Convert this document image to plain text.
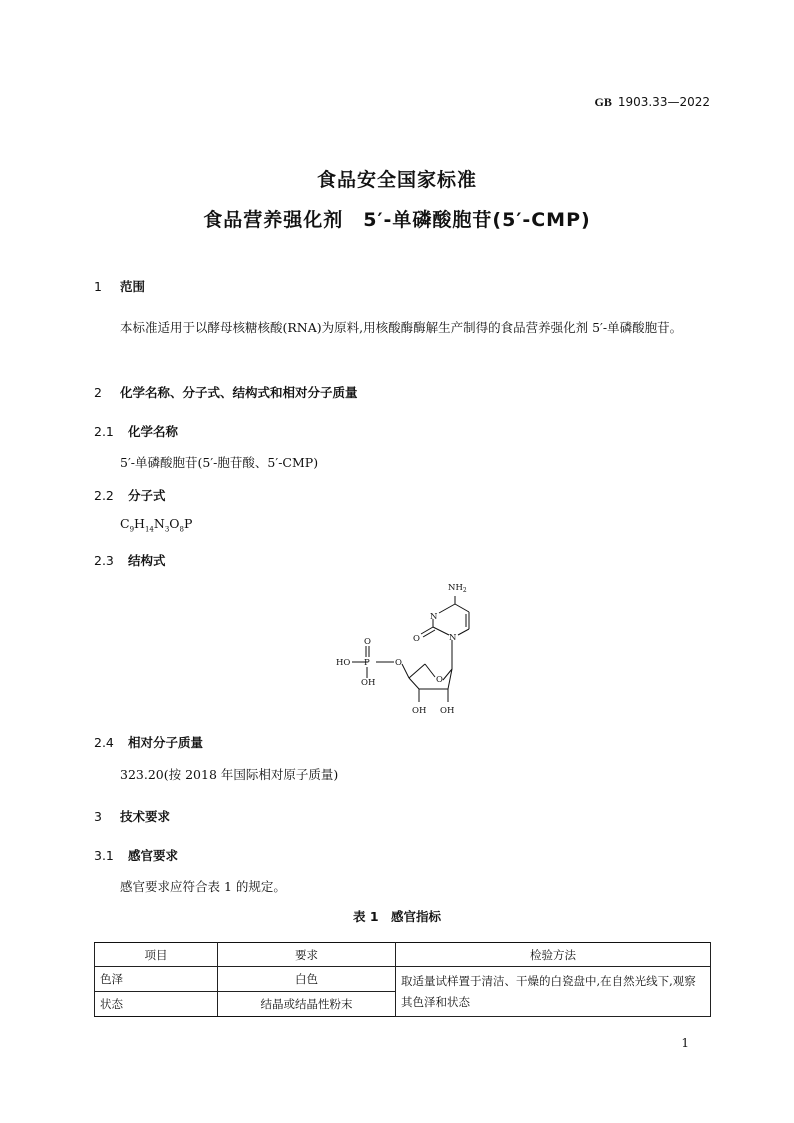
GB 1903.33—2022
食品安全国家标准
食品营养强化剂　5′-单磷酸胞苷(5′-CMP)
1 范围
本标准适用于以酵母核糖核酸(RNA)为原料,用核酸酶酶解生产制得的食品营养强化剂 5′-单磷酸胞苷。
2 化学名称、分子式、结构式和相对分子质量
2.1 化学名称
5′-单磷酸胞苷(5′-胞苷酸、5′-CMP)
2.2 分子式
$C_9H_{14}N_3O_8P$
2.3 结构式
$NH_2$
N
N
O
O
P
HO
OH
O
O
OH OH
2.4 相对分子质量
323.20(按 2018 年国际相对原子质量)
3 技术要求
3.1 感官要求
感官要求应符合表 1 的规定。
表 1　感官指标
项目	要求	检验方法
色泽	白色	取适量试样置于清洁、干燥的白瓷盘中,在自然光线下,观察其色泽和状态
状态	结晶或结晶性粉末	
1
